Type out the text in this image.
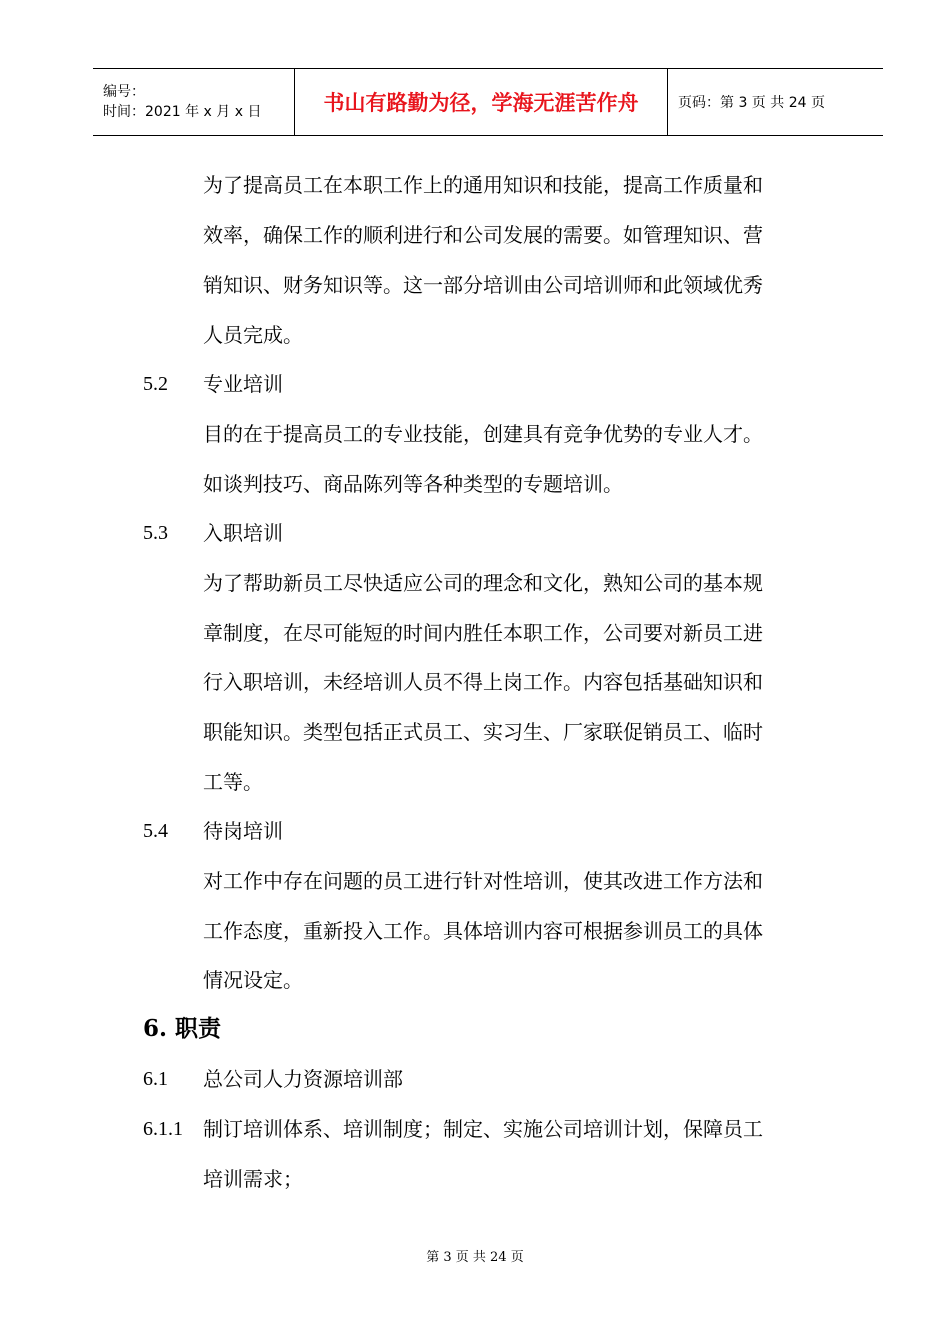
编号：
时间：2021 年 x 月 x 日	书山有路勤为径，学海无涯苦作舟	页码：第 3 页 共 24 页
为了提高员工在本职工作上的通用知识和技能，提高工作质量和
效率，确保工作的顺利进行和公司发展的需要。如管理知识、营
销知识、财务知识等。这一部分培训由公司培训师和此领域优秀
人员完成。
5.2 专业培训
目的在于提高员工的专业技能，创建具有竞争优势的专业人才。
如谈判技巧、商品陈列等各种类型的专题培训。
5.3 入职培训
为了帮助新员工尽快适应公司的理念和文化，熟知公司的基本规
章制度，在尽可能短的时间内胜任本职工作，公司要对新员工进
行入职培训，未经培训人员不得上岗工作。内容包括基础知识和
职能知识。类型包括正式员工、实习生、厂家联促销员工、临时
工等。
5.4 待岗培训
对工作中存在问题的员工进行针对性培训，使其改进工作方法和
工作态度，重新投入工作。具体培训内容可根据参训员工的具体
情况设定。
6. 职责
6.1 总公司人力资源培训部
6.1.1 制订培训体系、培训制度；制定、实施公司培训计划，保障员工
培训需求；
第 3 页 共 24 页
